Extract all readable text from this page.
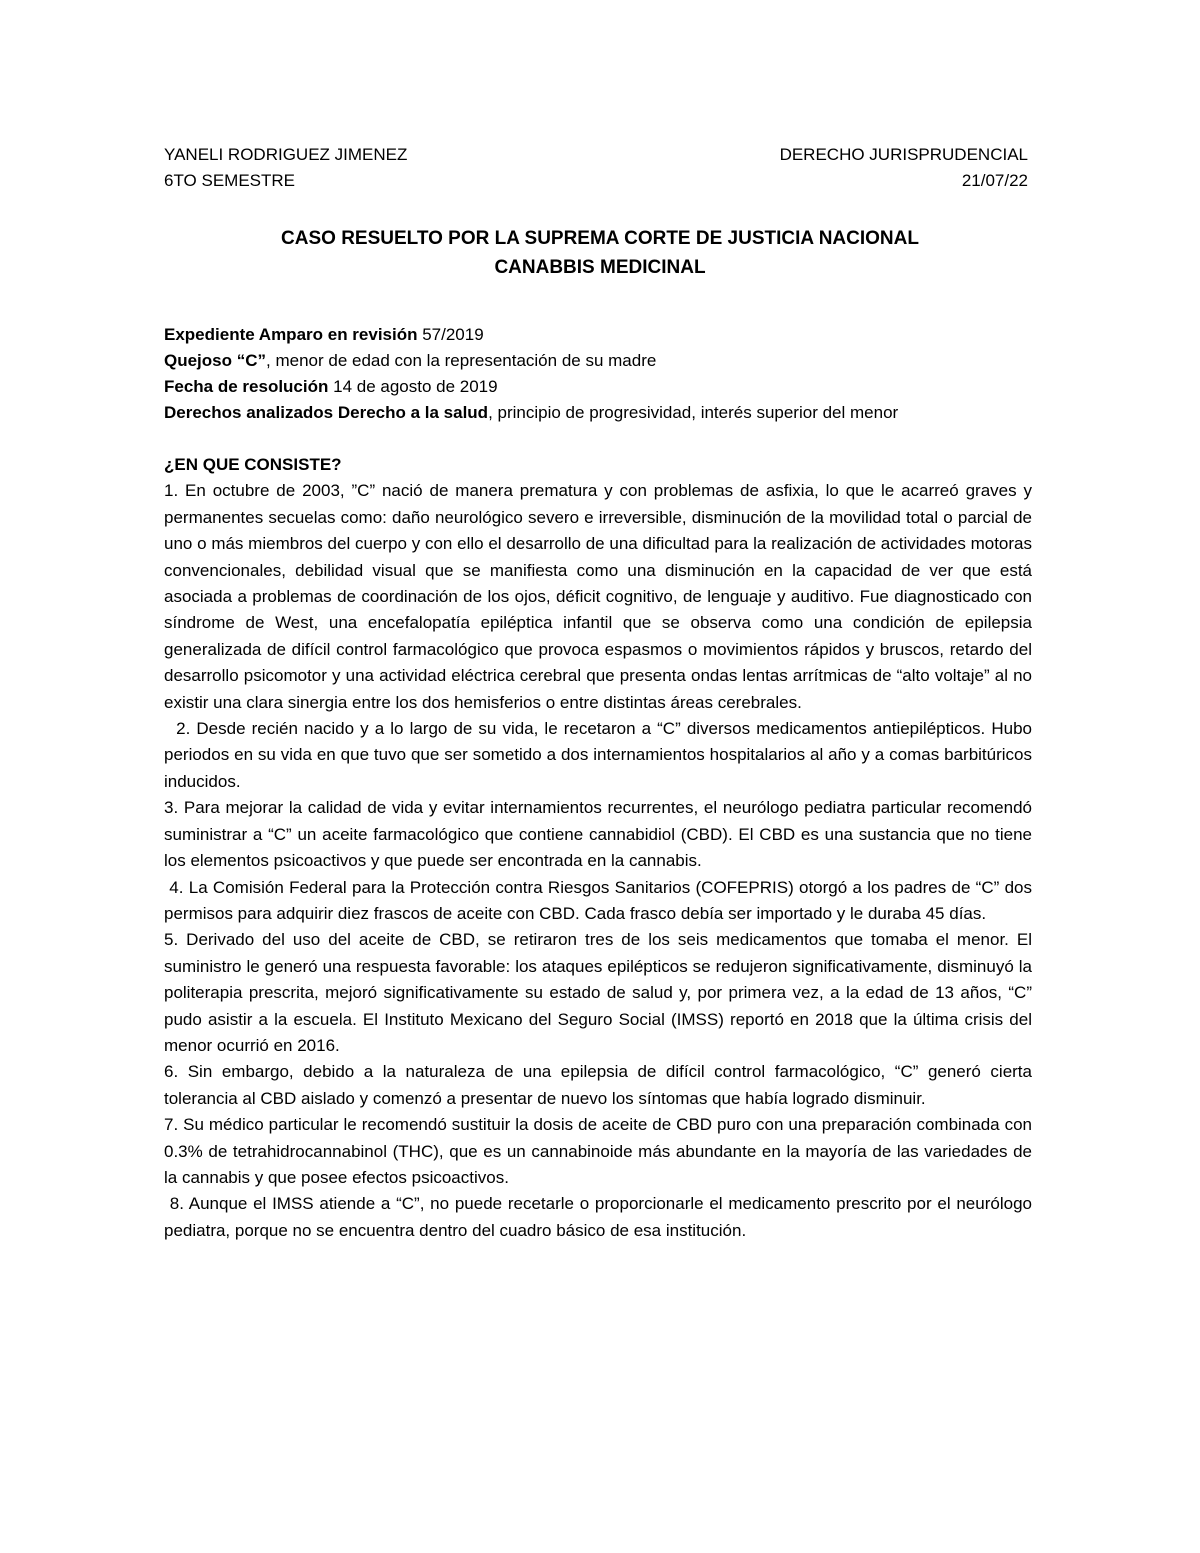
YANELI RODRIGUEZ JIMENEZ
6TO SEMESTRE
DERECHO JURISPRUDENCIAL
21/07/22
CASO RESUELTO POR LA SUPREMA CORTE DE JUSTICIA NACIONAL
CANABBIS MEDICINAL
Expediente Amparo en revisión 57/2019
Quejoso “C”, menor de edad con la representación de su madre
Fecha de resolución 14 de agosto de 2019
Derechos analizados Derecho a la salud, principio de progresividad, interés superior del menor
¿EN QUE CONSISTE?

1. En octubre de 2003, ”C” nació de manera prematura y con problemas de asfixia, lo que le acarreó graves y permanentes secuelas como: daño neurológico severo e irreversible, disminución de la movilidad total o parcial de uno o más miembros del cuerpo y con ello el desarrollo de una dificultad para la realización de actividades motoras convencionales, debilidad visual que se manifiesta como una disminución en la capacidad de ver que está asociada a problemas de coordinación de los ojos, déficit cognitivo, de lenguaje y auditivo. Fue diagnosticado con síndrome de West, una encefalopatía epiléptica infantil que se observa como una condición de epilepsia generalizada de difícil control farmacológico que provoca espasmos o movimientos rápidos y bruscos, retardo del desarrollo psicomotor y una actividad eléctrica cerebral que presenta ondas lentas arrítmicas de “alto voltaje” al no existir una clara sinergia entre los dos hemisferios o entre distintas áreas cerebrales.

2. Desde recién nacido y a lo largo de su vida, le recetaron a “C” diversos medicamentos antiepilépticos. Hubo periodos en su vida en que tuvo que ser sometido a dos internamientos hospitalarios al año y a comas barbitúricos inducidos.

3. Para mejorar la calidad de vida y evitar internamientos recurrentes, el neurólogo pediatra particular recomendó suministrar a “C” un aceite farmacológico que contiene cannabidiol (CBD). El CBD es una sustancia que no tiene los elementos psicoactivos y que puede ser encontrada en la cannabis.

4. La Comisión Federal para la Protección contra Riesgos Sanitarios (COFEPRIS) otorgó a los padres de “C” dos permisos para adquirir diez frascos de aceite con CBD. Cada frasco debía ser importado y le duraba 45 días.

5. Derivado del uso del aceite de CBD, se retiraron tres de los seis medicamentos que tomaba el menor. El suministro le generó una respuesta favorable: los ataques epilépticos se redujeron significativamente, disminuyó la politerapia prescrita, mejoró significativamente su estado de salud y, por primera vez, a la edad de 13 años, “C” pudo asistir a la escuela. El Instituto Mexicano del Seguro Social (IMSS) reportó en 2018 que la última crisis del menor ocurrió en 2016.

6. Sin embargo, debido a la naturaleza de una epilepsia de difícil control farmacológico, “C” generó cierta tolerancia al CBD aislado y comenzó a presentar de nuevo los síntomas que había logrado disminuir.

7. Su médico particular le recomendó sustituir la dosis de aceite de CBD puro con una preparación combinada con 0.3% de tetrahidrocannabinol (THC), que es un cannabinoide más abundante en la mayoría de las variedades de la cannabis y que posee efectos psicoactivos.

8. Aunque el IMSS atiende a “C”, no puede recetarle o proporcionarle el medicamento prescrito por el neurólogo pediatra, porque no se encuentra dentro del cuadro básico de esa institución.
